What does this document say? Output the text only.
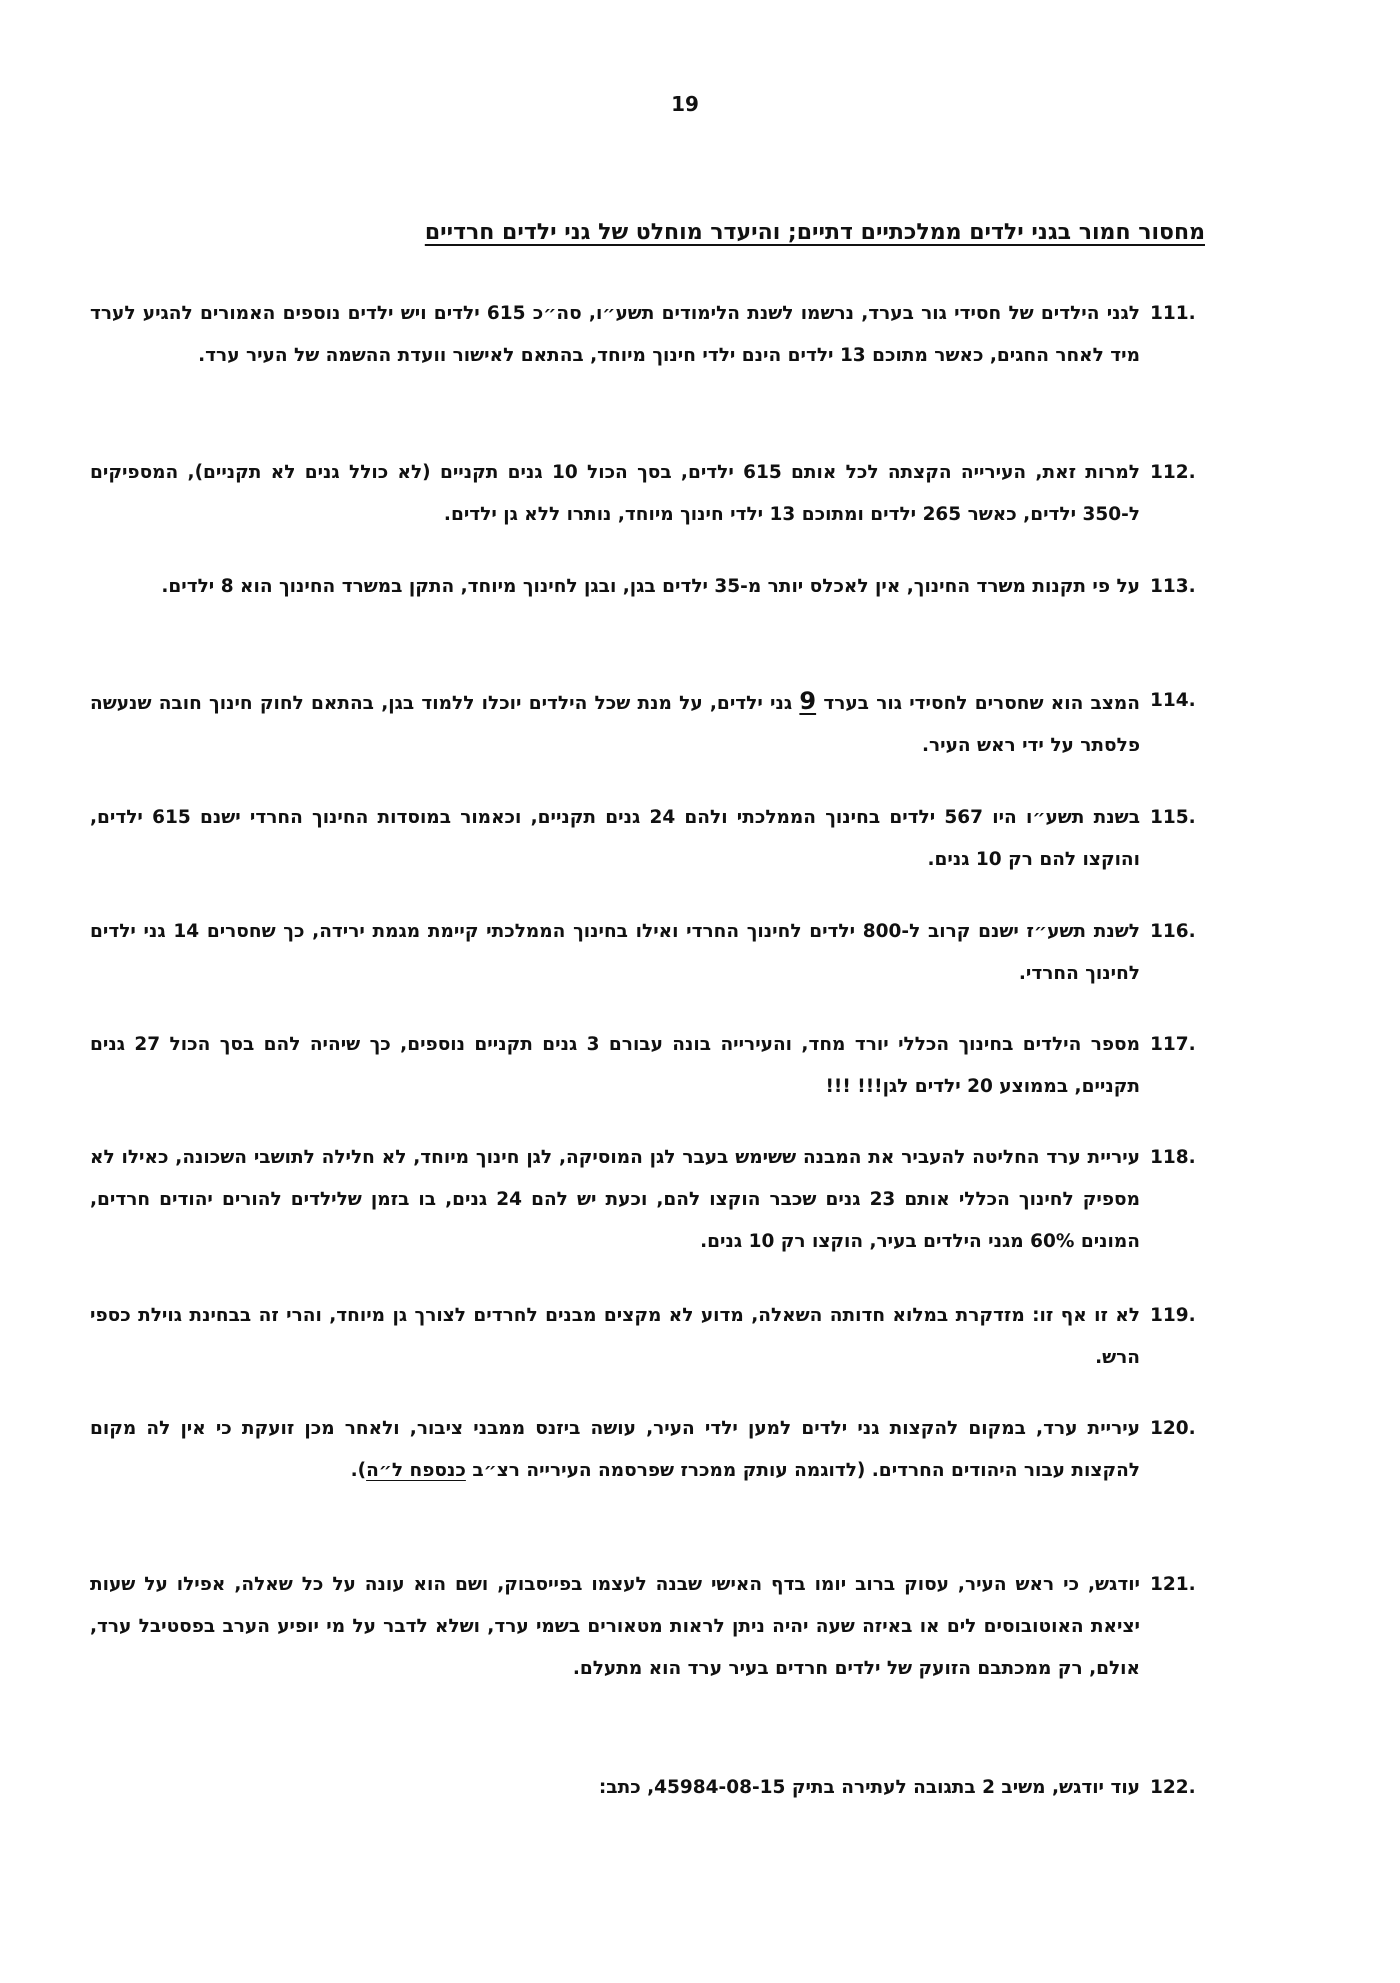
19
מחסור חמור בגני ילדים ממלכתיים דתיים; והיעדר מוחלט של גני ילדים חרדיים
111.
לגני הילדים של חסידי גור בערד, נרשמו לשנת הלימודים תשע״ו, סה״כ 615 ילדים ויש ילדים נוספים האמורים להגיע לערד מיד לאחר החגים, כאשר מתוכם 13 ילדים הינם ילדי חינוך מיוחד, בהתאם לאישור וועדת ההשמה של העיר ערד.
112.
למרות זאת, העירייה הקצתה לכל אותם 615 ילדים, בסך הכול 10 גנים תקניים (לא כולל גנים לא תקניים), המספיקים ל-350 ילדים, כאשר 265 ילדים ומתוכם 13 ילדי חינוך מיוחד, נותרו ללא גן ילדים.
113.
על פי תקנות משרד החינוך, אין לאכלס יותר מ-35 ילדים בגן, ובגן לחינוך מיוחד, התקן במשרד החינוך הוא 8 ילדים.
114.
המצב הוא שחסרים לחסידי גור בערד 9 גני ילדים, על מנת שכל הילדים יוכלו ללמוד בגן, בהתאם לחוק חינוך חובה שנעשה פלסתר על ידי ראש העיר.
115.
בשנת תשע״ו היו 567 ילדים בחינוך הממלכתי ולהם 24 גנים תקניים, וכאמור במוסדות החינוך החרדי ישנם 615 ילדים, והוקצו להם רק 10 גנים.
116.
לשנת תשע״ז ישנם קרוב ל-800 ילדים לחינוך החרדי ואילו בחינוך הממלכתי קיימת מגמת ירידה, כך שחסרים 14 גני ילדים לחינוך החרדי.
117.
מספר הילדים בחינוך הכללי יורד מחד, והעירייה בונה עבורם 3 גנים תקניים נוספים, כך שיהיה להם בסך הכול 27 גנים תקניים, בממוצע 20 ילדים לגן!!! !!!
118.
עיריית ערד החליטה להעביר את המבנה ששימש בעבר לגן המוסיקה, לגן חינוך מיוחד, לא חלילה לתושבי השכונה, כאילו לא מספיק לחינוך הכללי אותם 23 גנים שכבר הוקצו להם, וכעת יש להם 24 גנים, בו בזמן שלילדים להורים יהודים חרדים, המונים 60% מגני הילדים בעיר, הוקצו רק 10 גנים.
119.
לא זו אף זו: מזדקרת במלוא חדותה השאלה, מדוע לא מקצים מבנים לחרדים לצורך גן מיוחד, והרי זה בבחינת גוילת כספי הרש.
120.
עיריית ערד, במקום להקצות גני ילדים למען ילדי העיר, עושה ביזנס ממבני ציבור, ולאחר מכן זועקת כי אין לה מקום להקצות עבור היהודים החרדים. (לדוגמה עותק ממכרז שפרסמה העירייה רצ״ב כנספח ל״ה).
121.
יודגש, כי ראש העיר, עסוק ברוב יומו בדף האישי שבנה לעצמו בפייסבוק, ושם הוא עונה על כל שאלה, אפילו על שעות יציאת האוטובוסים לים או באיזה שעה יהיה ניתן לראות מטאורים בשמי ערד, ושלא לדבר על מי יופיע הערב בפסטיבל ערד, אולם, רק ממכתבם הזועק של ילדים חרדים בעיר ערד הוא מתעלם.
122.
עוד יודגש, משיב 2 בתגובה לעתירה בתיק 45984-08-15, כתב:
